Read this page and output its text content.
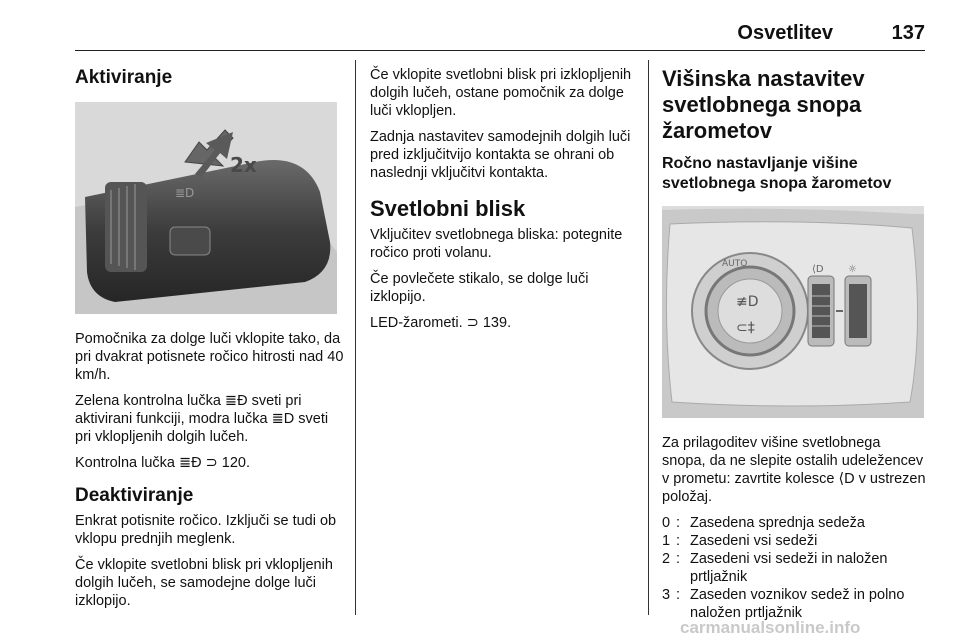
Osvetlitev	137
Aktiviranje
≣D
2x

Pomočnika za dolge luči vklopite tako, da pri dvakrat potisnete ročico hitrosti nad 40 km/h.

Zelena kontrolna lučka ≣Ð sveti pri aktivirani funkciji, modra lučka ≣D sveti pri vklopljenih dolgih lučeh.

Kontrolna lučka ≣Ð ⊃ 120.

Deaktiviranje

Enkrat potisnite ročico. Izključi se tudi ob vklopu prednjih meglenk.

Če vklopite svetlobni blisk pri vklopljenih dolgih lučeh, se samodejne dolge luči izklopijo.

Če vklopite svetlobni blisk pri izklopljenih dolgih lučeh, ostane pomočnik za dolge luči vklopljen.

Zadnja nastavitev samodejnih dolgih luči pred izključitvijo kontakta se ohrani ob naslednji vključitvi kontakta.

Svetlobni blisk

Vključitev svetlobnega bliska: potegnite ročico proti volanu.

Če povlečete stikalo, se dolge luči izklopijo.

LED-žarometi. ⊃ 139.

Višinska nastavitev svetlobnega snopa žarometov
Ročno nastavljanje višine svetlobnega snopa žarometov
≢D
⊂‡
AUTO	⟨D ☼

Za prilagoditev višine svetlobnega snopa, da ne slepite ostalih udeležencev v prometu: zavrtite kolesce ⟨D v ustrezen položaj.

0 : Zasedena sprednja sedeža
1 : Zasedeni vsi sedeži
2 : Zasedeni vsi sedeži in naložen prtljažnik
3 : Zaseden voznikov sedež in polno naložen prtljažnik
carmanualsonline.info
